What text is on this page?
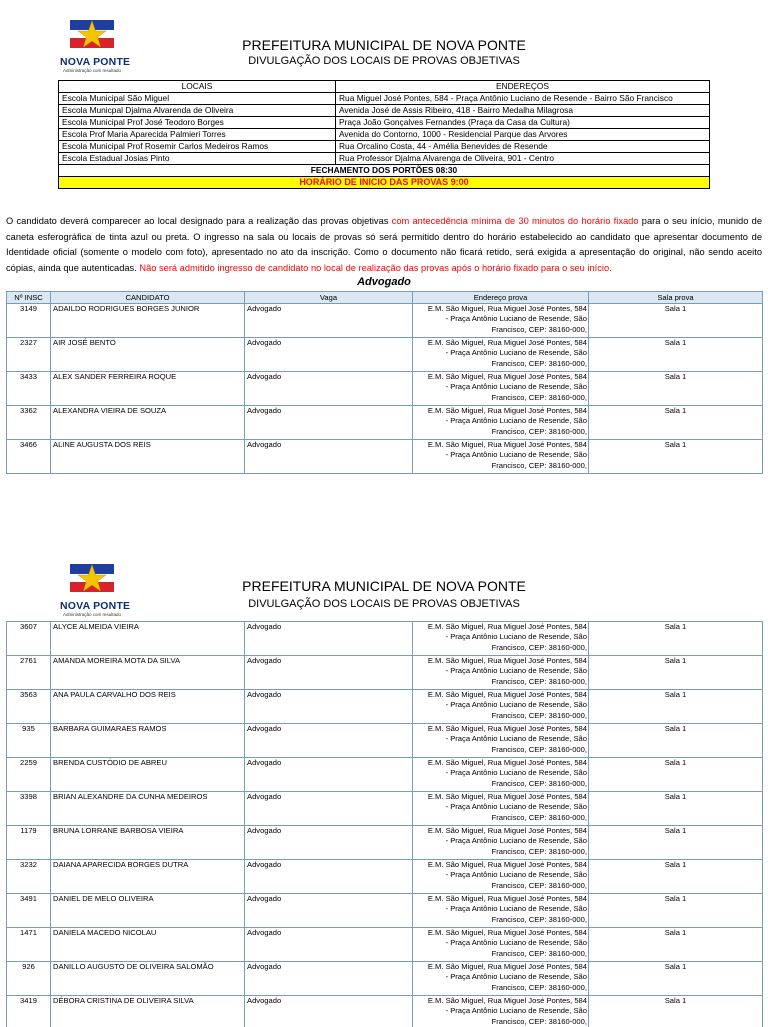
NOVA PONTE
Administração com resultado
PREFEITURA MUNICIPAL DE NOVA PONTE
DIVULGAÇÃO DOS LOCAIS DE PROVAS OBJETIVAS
LOCAIS	ENDEREÇOS
Escola Municipal São Miguel	Rua Miguel José Pontes, 584 - Praça Antônio Luciano de Resende - Bairro São Francisco
Escola Municpal Djalma Alvarenda de Oliveira	Avenida José de Assis Ribeiro, 418 - Bairro Medalha Milagrosa
Escola Municipal Prof José Teodoro Borges	Praça João Gonçalves Fernandes (Praça da Casa da Cultura)
Escola Prof Maria Aparecida Palmieri Torres	Avenida do Contorno, 1000 - Residencial Parque das Arvores
Escola Municipal Prof Rosemir Carlos Medeiros Ramos	Rua Orcalino Costa, 44 - Amélia Benevides de Resende
Escola Estadual Josias Pinto	Rua Professor Djalma Alvarenga de Oliveira, 901 - Centro
FECHAMENTO DOS PORTÕES 08:30	
HORÁRIO DE INICIO DAS PROVAS 9:00	
O candidato deverá comparecer ao local designado para a realização das provas objetivas com antecedência mínima de 30 minutos do horário fixado para o seu início, munido de caneta esferográfica de tinta azul ou preta. O ingresso na sala ou locais de provas só será permitido dentro do horário estabelecido ao candidato que apresentar documento de Identidade oficial (somente o modelo com foto), apresentado no ato da inscrição. Como o documento não ficará retido, será exigida a apresentação do original, não sendo aceito cópias, ainda que autenticadas. Não será admitido ingresso de candidato no local de realização das provas após o horário fixado para o seu início.
Advogado
Nº INSC	CANDIDATO	Vaga	Endereço prova	Sala prova
3149	ADAILDO RODRIGUES BORGES JUNIOR	Advogado	E.M. São Miguel, Rua Miguel José Pontes, 584
- Praça Antônio Luciano de Resende, São
Francisco, CEP: 38160-000,	Sala 1
2327	AIR JOSÉ BENTO	Advogado	E.M. São Miguel, Rua Miguel José Pontes, 584
- Praça Antônio Luciano de Resende, São
Francisco, CEP: 38160-000,	Sala 1
3433	ALEX SANDER FERREIRA ROQUE	Advogado	E.M. São Miguel, Rua Miguel José Pontes, 584
- Praça Antônio Luciano de Resende, São
Francisco, CEP: 38160-000,	Sala 1
3362	ALEXANDRA VIEIRA DE SOUZA	Advogado	E.M. São Miguel, Rua Miguel José Pontes, 584
- Praça Antônio Luciano de Resende, São
Francisco, CEP: 38160-000,	Sala 1
3466	ALINE AUGUSTA DOS REIS	Advogado	E.M. São Miguel, Rua Miguel José Pontes, 584
- Praça Antônio Luciano de Resende, São
Francisco, CEP: 38160-000,	Sala 1
NOVA PONTE
Administração com resultado
PREFEITURA MUNICIPAL DE NOVA PONTE
DIVULGAÇÃO DOS LOCAIS DE PROVAS OBJETIVAS
3607	ALYCE ALMEIDA VIEIRA	Advogado	E.M. São Miguel, Rua Miguel José Pontes, 584
- Praça Antônio Luciano de Resende, São
Francisco, CEP: 38160-000,	Sala 1
2761	AMANDA MOREIRA MOTA DA SILVA	Advogado	E.M. São Miguel, Rua Miguel José Pontes, 584
- Praça Antônio Luciano de Resende, São
Francisco, CEP: 38160-000,	Sala 1
3563	ANA PAULA CARVALHO DOS REIS	Advogado	E.M. São Miguel, Rua Miguel José Pontes, 584
- Praça Antônio Luciano de Resende, São
Francisco, CEP: 38160-000,	Sala 1
935	BARBARA GUIMARAES RAMOS	Advogado	E.M. São Miguel, Rua Miguel José Pontes, 584
- Praça Antônio Luciano de Resende, São
Francisco, CEP: 38160-000,	Sala 1
2259	BRENDA CUSTÓDIO DE ABREU	Advogado	E.M. São Miguel, Rua Miguel José Pontes, 584
- Praça Antônio Luciano de Resende, São
Francisco, CEP: 38160-000,	Sala 1
3398	BRIAN ALEXANDRE DA CUNHA MEDEIROS	Advogado	E.M. São Miguel, Rua Miguel José Pontes, 584
- Praça Antônio Luciano de Resende, São
Francisco, CEP: 38160-000,	Sala 1
1179	BRUNA LORRANE BARBOSA VIEIRA	Advogado	E.M. São Miguel, Rua Miguel José Pontes, 584
- Praça Antônio Luciano de Resende, São
Francisco, CEP: 38160-000,	Sala 1
3232	DAIANA APARECIDA BORGES DUTRA	Advogado	E.M. São Miguel, Rua Miguel José Pontes, 584
- Praça Antônio Luciano de Resende, São
Francisco, CEP: 38160-000,	Sala 1
3491	DANIEL DE MELO OLIVEIRA	Advogado	E.M. São Miguel, Rua Miguel José Pontes, 584
- Praça Antônio Luciano de Resende, São
Francisco, CEP: 38160-000,	Sala 1
1471	DANIELA MACEDO NICOLAU	Advogado	E.M. São Miguel, Rua Miguel José Pontes, 584
- Praça Antônio Luciano de Resende, São
Francisco, CEP: 38160-000,	Sala 1
926	DANILLO AUGUSTO DE OLIVEIRA SALOMÃO	Advogado	E.M. São Miguel, Rua Miguel José Pontes, 584
- Praça Antônio Luciano de Resende, São
Francisco, CEP: 38160-000,	Sala 1
3419	DÉBORA CRISTINA DE OLIVEIRA SILVA	Advogado	E.M. São Miguel, Rua Miguel José Pontes, 584
- Praça Antônio Luciano de Resende, São
Francisco, CEP: 38160-000,	Sala 1
